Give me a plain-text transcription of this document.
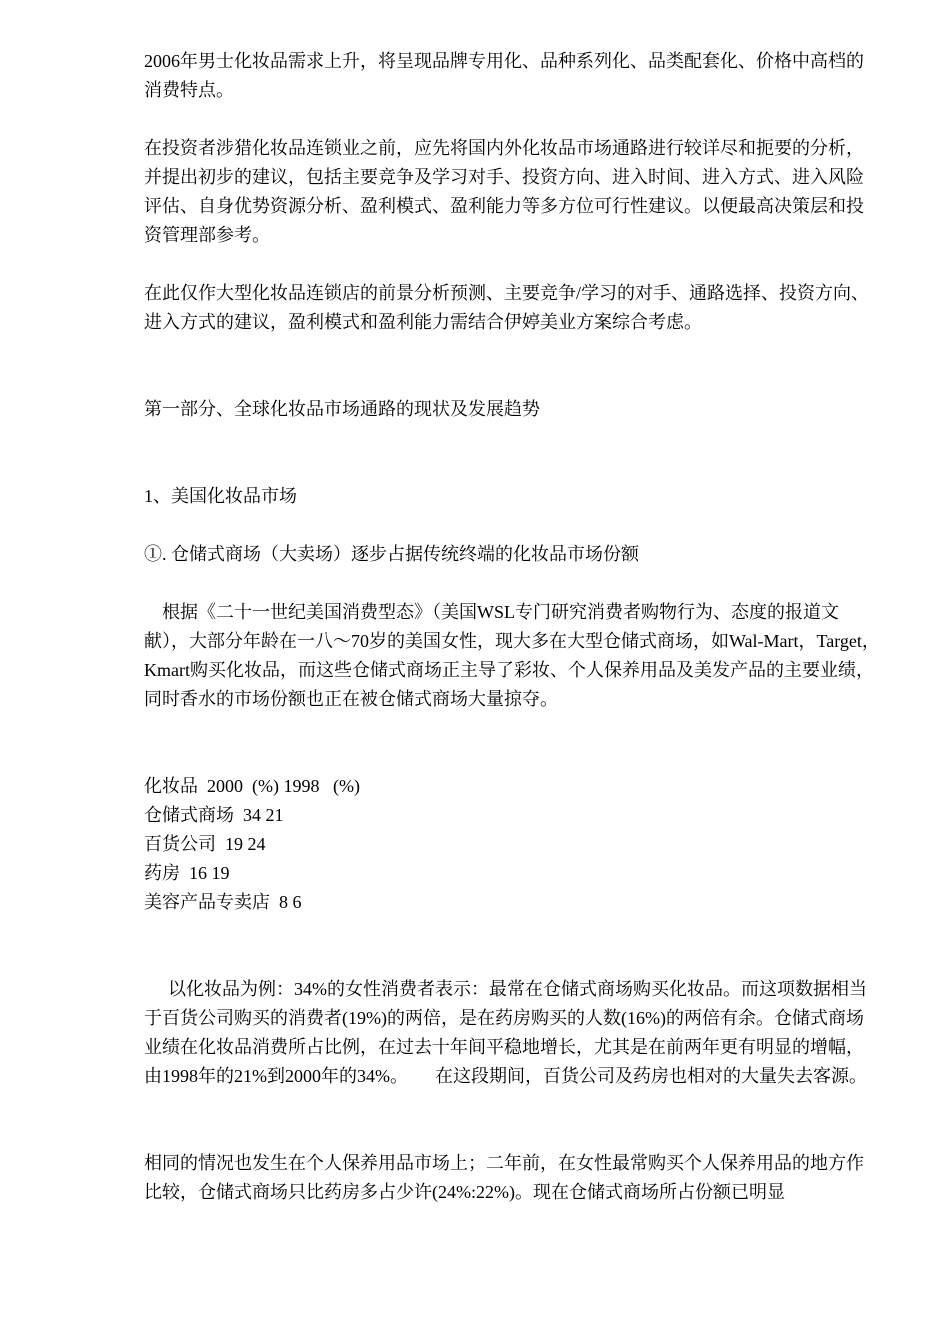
2006年男士化妆品需求上升，将呈现品牌专用化、品种系列化、品类配套化、价格中高档的消费特点。

在投资者涉猎化妆品连锁业之前，应先将国内外化妆品市场通路进行较详尽和扼要的分析，并提出初步的建议，包括主要竞争及学习对手、投资方向、进入时间、进入方式、进入风险评估、自身优势资源分析、盈利模式、盈利能力等多方位可行性建议。以便最高决策层和投资管理部参考。

在此仅作大型化妆品连锁店的前景分析预测、主要竞争/学习的对手、通路选择、投资方向、进入方式的建议，盈利模式和盈利能力需结合伊婷美业方案综合考虑。

第一部分、全球化妆品市场通路的现状及发展趋势

1、美国化妆品市场

①. 仓储式商场（大卖场）逐步占据传统终端的化妆品市场份额

根据《二十一世纪美国消费型态》（美国WSL专门研究消费者购物行为、态度的报道文献），大部分年龄在一八～70岁的美国女性，现大多在大型仓储式商场，如Wal-Mart，Target，Kmart购买化妆品，而这些仓储式商场正主导了彩妆、个人保养用品及美发产品的主要业绩，同时香水的市场份额也正在被仓储式商场大量掠夺。

化妆品  2000  (%) 1998   (%)
仓储式商场  34 21
百货公司  19 24
药房  16 19
美容产品专卖店  8 6

以化妆品为例：34%的女性消费者表示：最常在仓储式商场购买化妆品。而这项数据相当于百货公司购买的消费者(19%)的两倍，是在药房购买的人数(16%)的两倍有余。仓储式商场业绩在化妆品消费所占比例，在过去十年间平稳地增长，尤其是在前两年更有明显的增幅，由1998年的21%到2000年的34%。　　在这段期间，百货公司及药房也相对的大量失去客源。

相同的情况也发生在个人保养用品市场上；二年前，在女性最常购买个人保养用品的地方作比较，仓储式商场只比药房多占少许(24%:22%)。现在仓储式商场所占份额已明显
